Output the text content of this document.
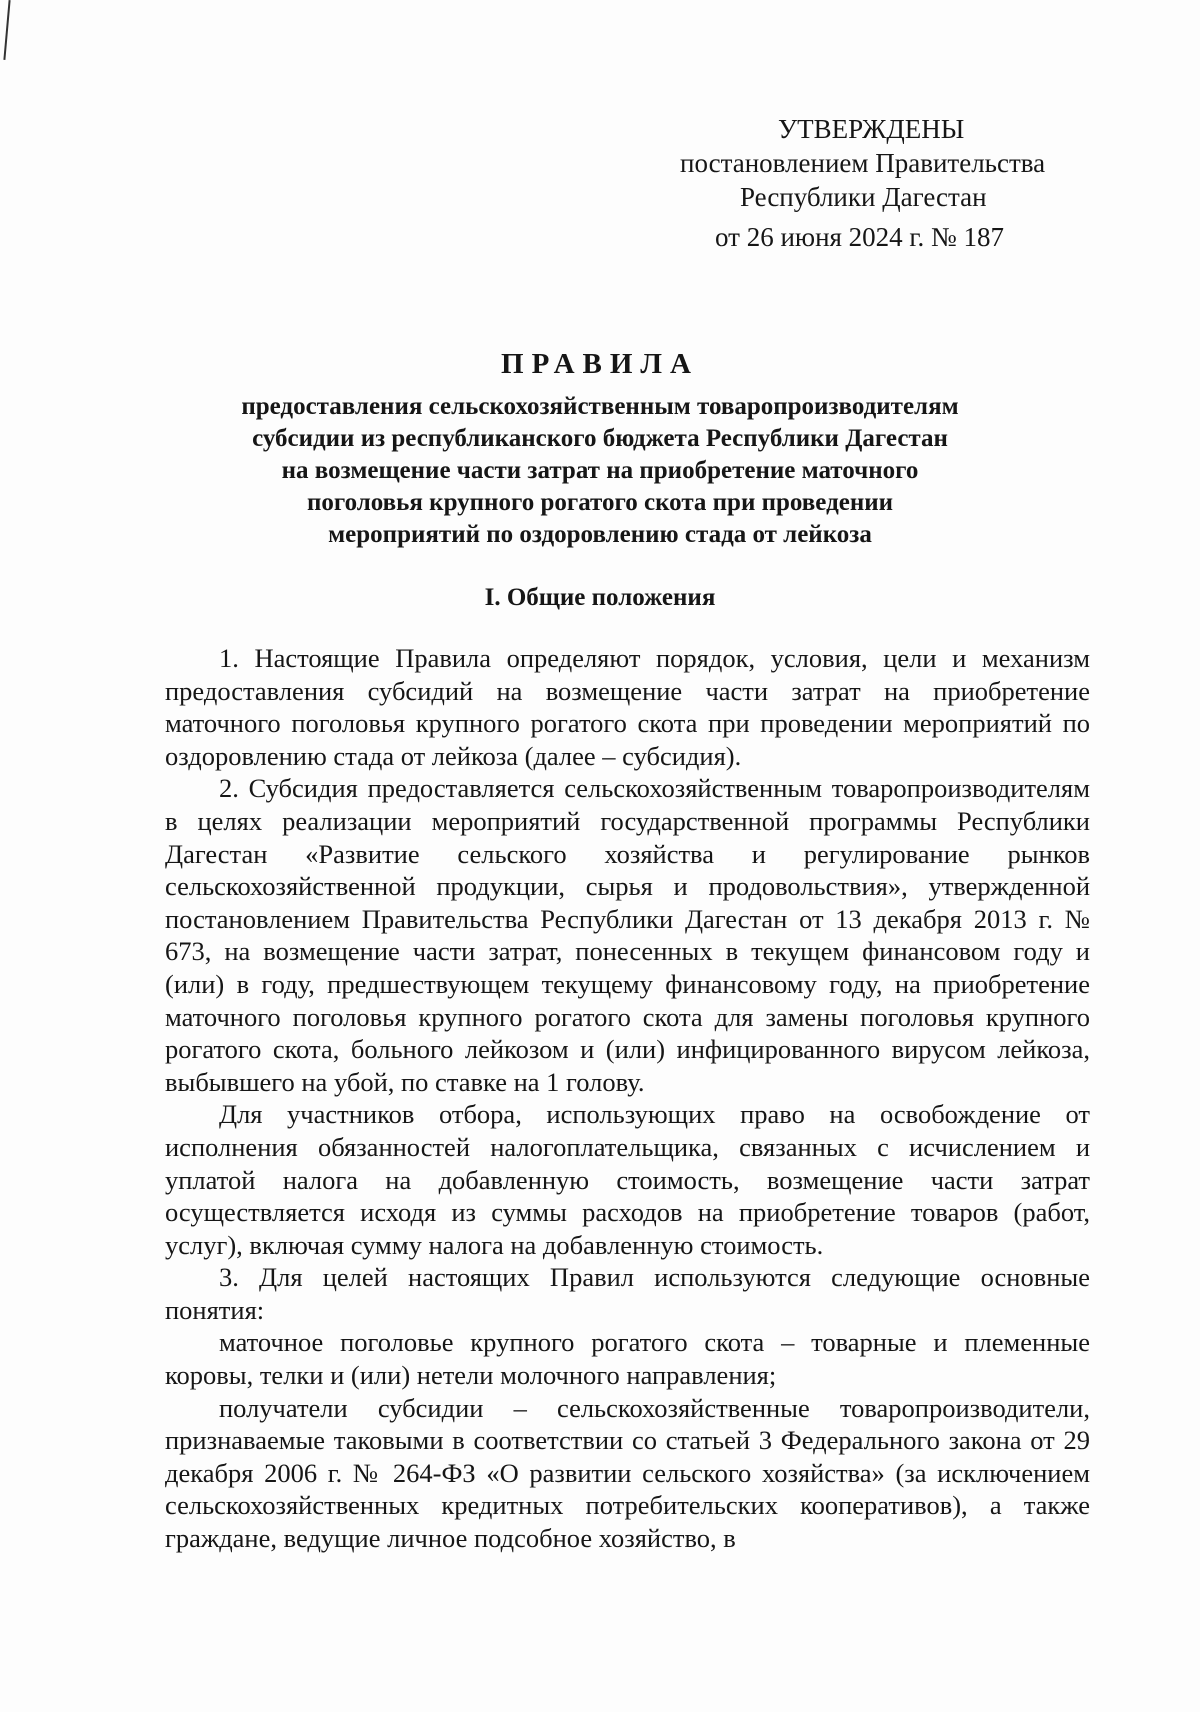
УТВЕРЖДЕНЫ
постановлением Правительства
Республики Дагестан
от 26 июня 2024 г. № 187
ПРАВИЛА
предоставления сельскохозяйственным товаропроизводителям
субсидии из республиканского бюджета Республики Дагестан
на возмещение части затрат на приобретение маточного
поголовья крупного рогатого скота при проведении
мероприятий по оздоровлению стада от лейкоза
I. Общие положения

1. Настоящие Правила определяют порядок, условия, цели и механизм предоставления субсидий на возмещение части затрат на приобретение маточного поголовья крупного рогатого скота при проведении мероприятий по оздоровлению стада от лейкоза (далее – субсидия).

2. Субсидия предоставляется сельскохозяйственным товаропроизводителям в целях реализации мероприятий государственной программы Республики Дагестан «Развитие сельского хозяйства и регулирование рынков сельскохозяйственной продукции, сырья и продовольствия», утвержденной постановлением Правительства Республики Дагестан от 13 декабря 2013 г. № 673, на возмещение части затрат, понесенных в текущем финансовом году и (или) в году, предшествующем текущему финансовому году, на приобретение маточного поголовья крупного рогатого скота для замены поголовья крупного рогатого скота, больного лейкозом и (или) инфицированного вирусом лейкоза, выбывшего на убой, по ставке на 1 голову.

Для участников отбора, использующих право на освобождение от исполнения обязанностей налогоплательщика, связанных с исчислением и уплатой налога на добавленную стоимость, возмещение части затрат осуществляется исходя из суммы расходов на приобретение товаров (работ, услуг), включая сумму налога на добавленную стоимость.

3. Для целей настоящих Правил используются следующие основные понятия:

маточное поголовье крупного рогатого скота – товарные и племенные коровы, телки и (или) нетели молочного направления;

получатели субсидии – сельскохозяйственные товаропроизводители, признаваемые таковыми в соответствии со статьей 3 Федерального закона от 29 декабря 2006 г. № 264-ФЗ «О развитии сельского хозяйства» (за исключением сельскохозяйственных кредитных потребительских кооперативов), а также граждане, ведущие личное подсобное хозяйство, в
